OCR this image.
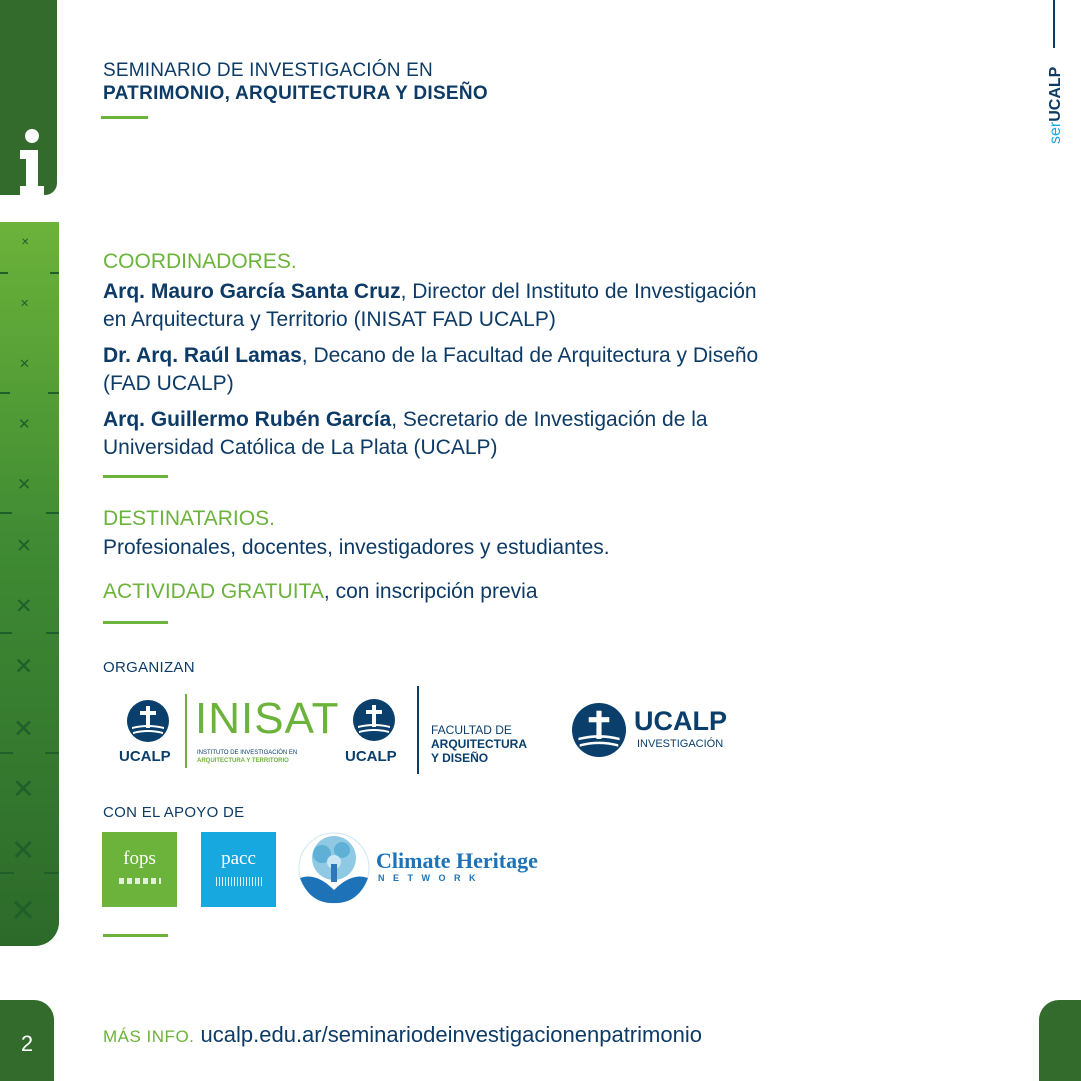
✕
✕
✕
✕
✕
✕
✕
✕
✕
✕
✕
✕
2
serUCALP
SEMINARIO DE INVESTIGACIÓN EN
PATRIMONIO, ARQUITECTURA Y DISEÑO
COORDINADORES.
Arq. Mauro García Santa Cruz, Director del Instituto de Investigación
en Arquitectura y Territorio (INISAT FAD UCALP)
Dr. Arq. Raúl Lamas, Decano de la Facultad de Arquitectura y Diseño
(FAD UCALP)
Arq. Guillermo Rubén García, Secretario de Investigación de la
Universidad Católica de La Plata (UCALP)
DESTINATARIOS.
Profesionales, docentes, investigadores y estudiantes.
ACTIVIDAD GRATUITA, con inscripción previa
ORGANIZAN
UCALP
INISAT
INSTITUTO DE INVESTIGACIÓN EN
ARQUITECTURA Y TERRITORIO	UCALP
FACULTAD DE
ARQUITECTURA
Y DISEÑO
UCALP
INVESTIGACIÓN
CON EL APOYO DE
fops	pacc	Climate Heritage
N E T W O R K
MÁS INFO. ucalp.edu.ar/seminariodeinvestigacionenpatrimonio
